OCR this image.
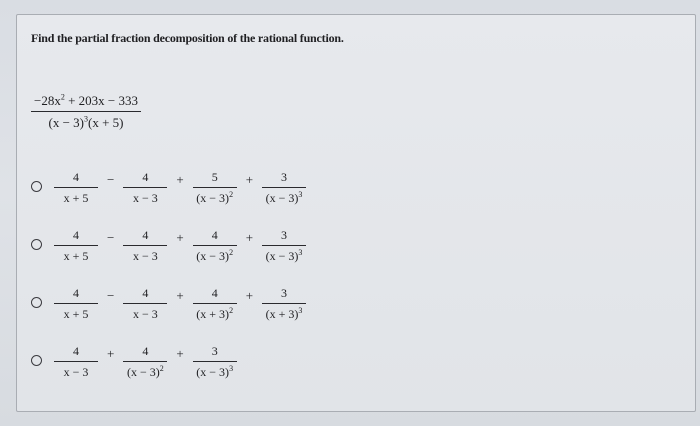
Find the partial fraction decomposition of the rational function.
$\frac{-28x^2 + 203x - 333}{(x - 3)^3(x + 5)}$
$\frac{4}{x + 5} - \frac{4}{x - 3} + \frac{5}{(x - 3)^2} + \frac{3}{(x - 3)^3}$
$\frac{4}{x + 5} - \frac{4}{x - 3} + \frac{4}{(x - 3)^2} + \frac{3}{(x - 3)^3}$
$\frac{4}{x + 5} - \frac{4}{x - 3} + \frac{4}{(x + 3)^2} + \frac{3}{(x + 3)^3}$
$\frac{4}{x - 3} + \frac{4}{(x - 3)^2} + \frac{3}{(x - 3)^3}$
